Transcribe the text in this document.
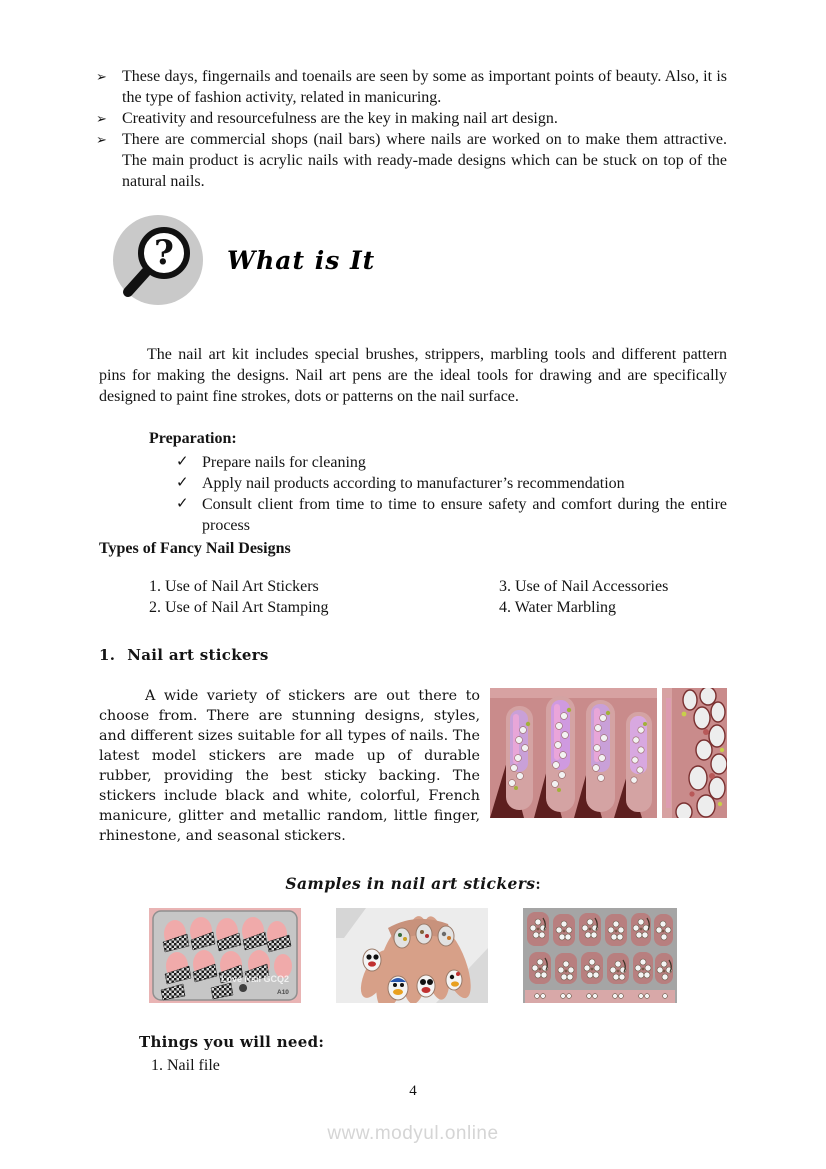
➢ These days, fingernails and toenails are seen by some as important points of beauty. Also, it is the type of fashion activity, related in manicuring.
➢ Creativity and resourcefulness are the key in making nail art design.
➢ There are commercial shops (nail bars) where nails are worked on to make them attractive. The main product is acrylic nails with ready-made designs which can be stuck on top of the natural nails.
? What is It

The nail art kit includes special brushes, strippers, marbling tools and different pattern pins for making the designs. Nail art pens are the ideal tools for drawing and are specifically designed to paint fine strokes, dots or patterns on the nail surface.

Preparation:
✓ Prepare nails for cleaning
✓ Apply nail products according to manufacturer’s recommendation
✓ Consult client from time to time to ensure safety and comfort during the entire process
Types of Fancy Nail Designs
1. Use of Nail Art Stickers
2. Use of Nail Art Stamping
3. Use of Nail Accessories
4. Water Marbling
1. Nail art stickers

A wide variety of stickers are out there to choose from. There are stunning designs, styles, and different sizes suitable for all types of nails. The latest model stickers are made up of durable rubber, providing the best sticky backing. The stickers include black and white, colorful, French manicure, glitter and metallic random, little finger, rhinestone, and seasonal stickers.

Samples in nail art stickers:
Love Nail GCQ2
A10
Things you will need:
1. Nail file
4
www.modyul.online
